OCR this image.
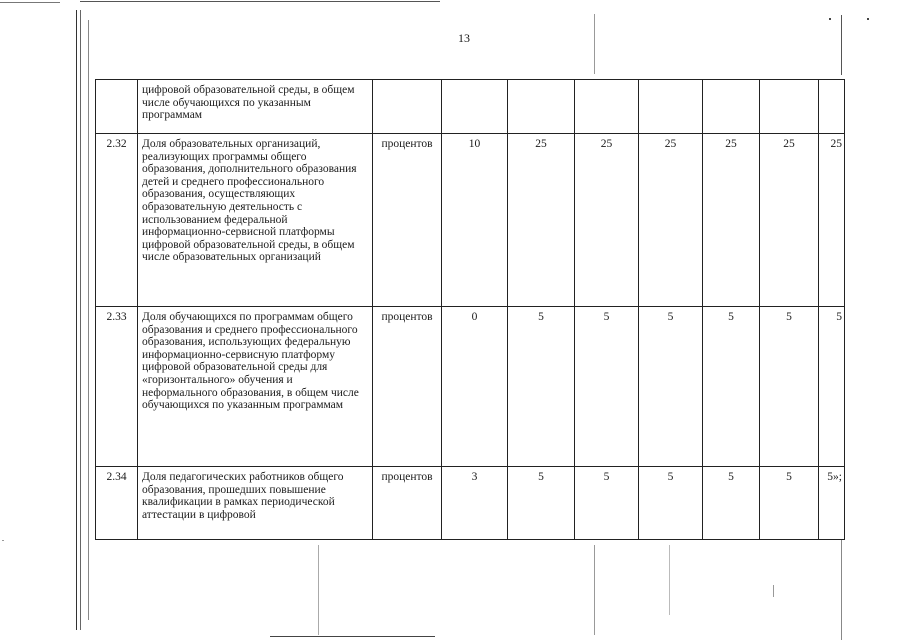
13
	цифровой образовательной среды, в общем числе обучающихся по указанным программам								
2.32	Доля образовательных организаций, реализующих программы общего образования, дополнительного образования детей и среднего профессионального образования, осуществляющих образовательную деятельность с использованием федеральной информационно-сервисной платформы цифровой образовательной среды, в общем числе образовательных организаций	процентов	10	25	25	25	25	25	25
2.33	Доля обучающихся по программам общего образования и среднего профессионального образования, использующих федеральную информационно-сервисную платформу цифровой образовательной среды для «горизонтального» обучения и неформального образования, в общем числе обучающихся по указанным программам	процентов	0	5	5	5	5	5	5
2.34	Доля педагогических работников общего образования, прошедших повышение квалификации в рамках периодической аттестации в цифровой	процентов	3	5	5	5	5	5	5»;
